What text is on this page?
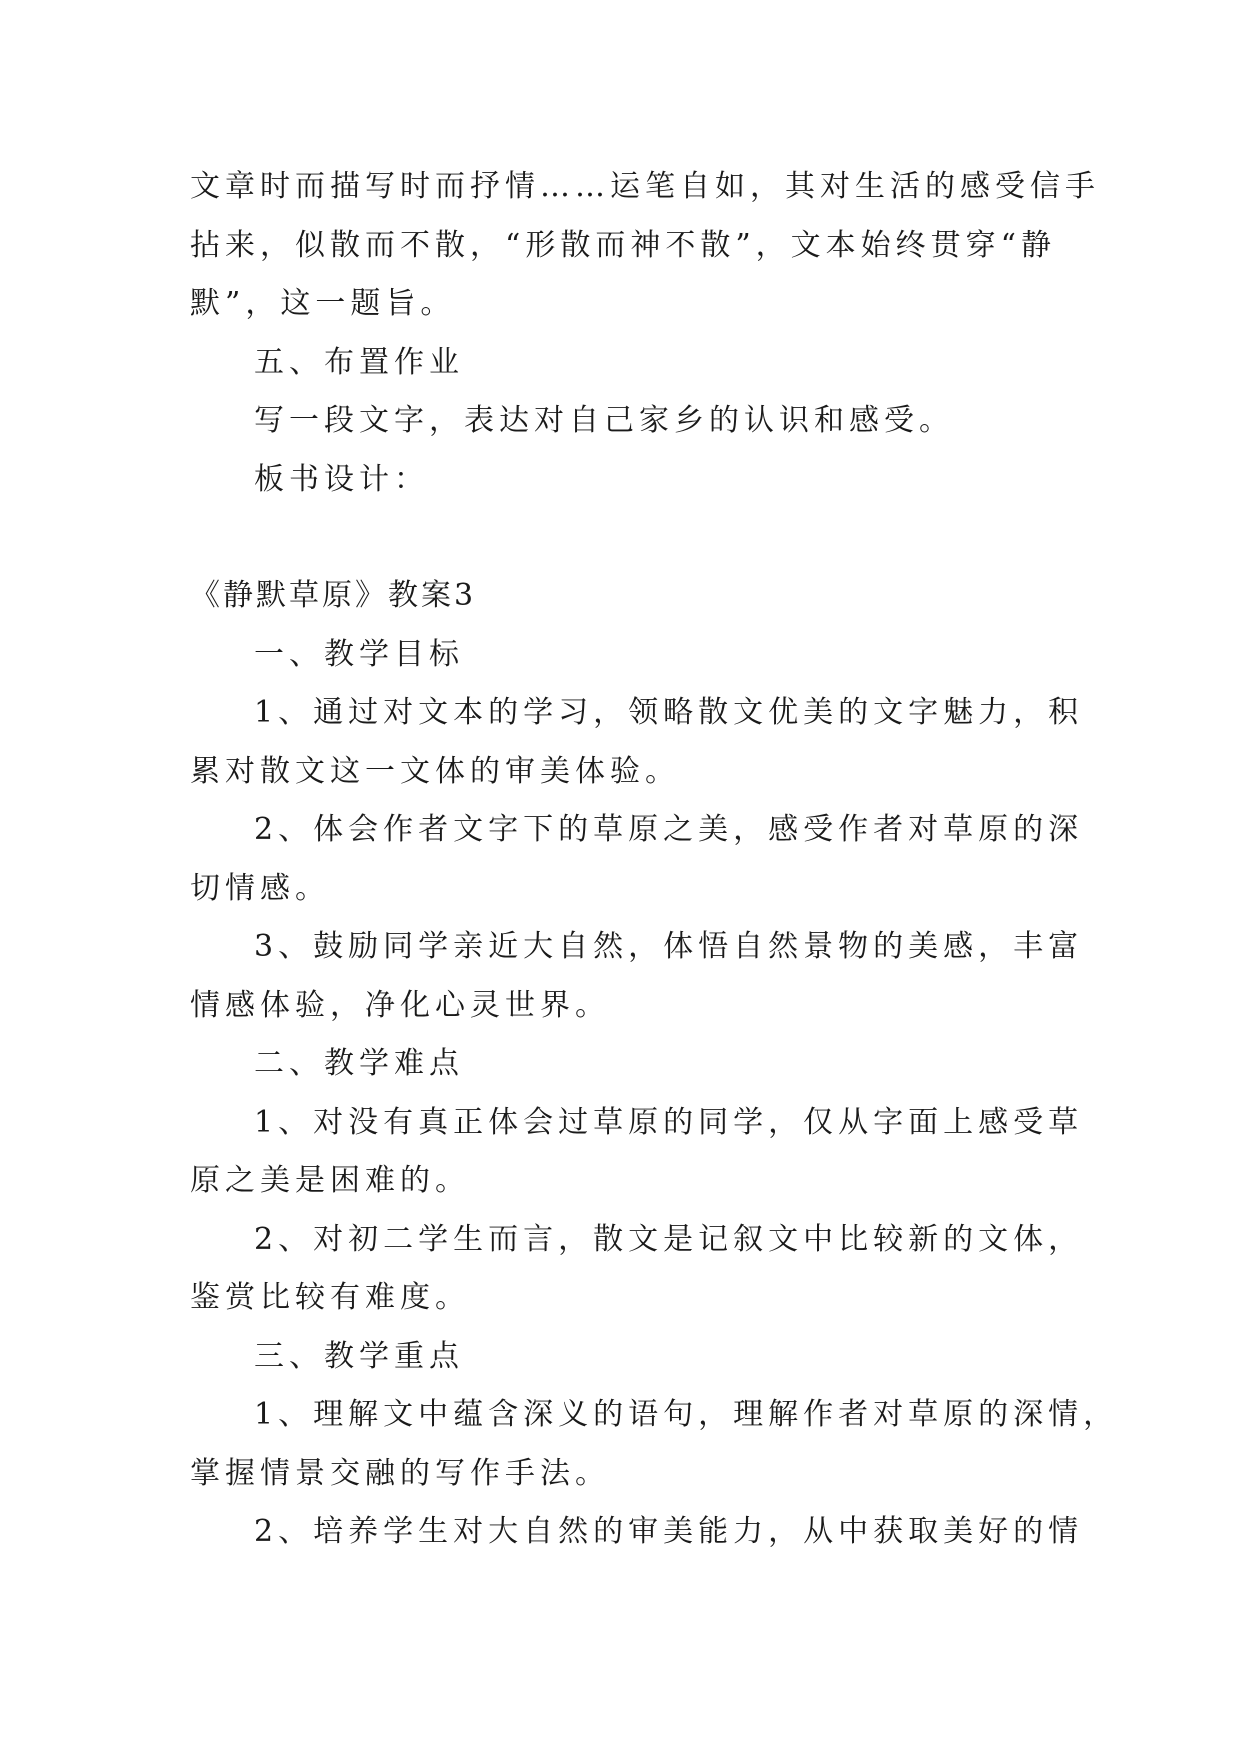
文章时而描写时而抒情……运笔自如，其对生活的感受信手
拈来，似散而不散，“形散而神不散”，文本始终贯穿“静
默”，这一题旨。
五、布置作业
写一段文字，表达对自己家乡的认识和感受。
板书设计：
《静默草原》教案3
一、教学目标
1、通过对文本的学习，领略散文优美的文字魅力，积
累对散文这一文体的审美体验。
2、体会作者文字下的草原之美，感受作者对草原的深
切情感。
3、鼓励同学亲近大自然，体悟自然景物的美感，丰富
情感体验，净化心灵世界。
二、教学难点
1、对没有真正体会过草原的同学，仅从字面上感受草
原之美是困难的。
2、对初二学生而言，散文是记叙文中比较新的文体，
鉴赏比较有难度。
三、教学重点
1、理解文中蕴含深义的语句，理解作者对草原的深情，
掌握情景交融的写作手法。
2、培养学生对大自然的审美能力，从中获取美好的情
